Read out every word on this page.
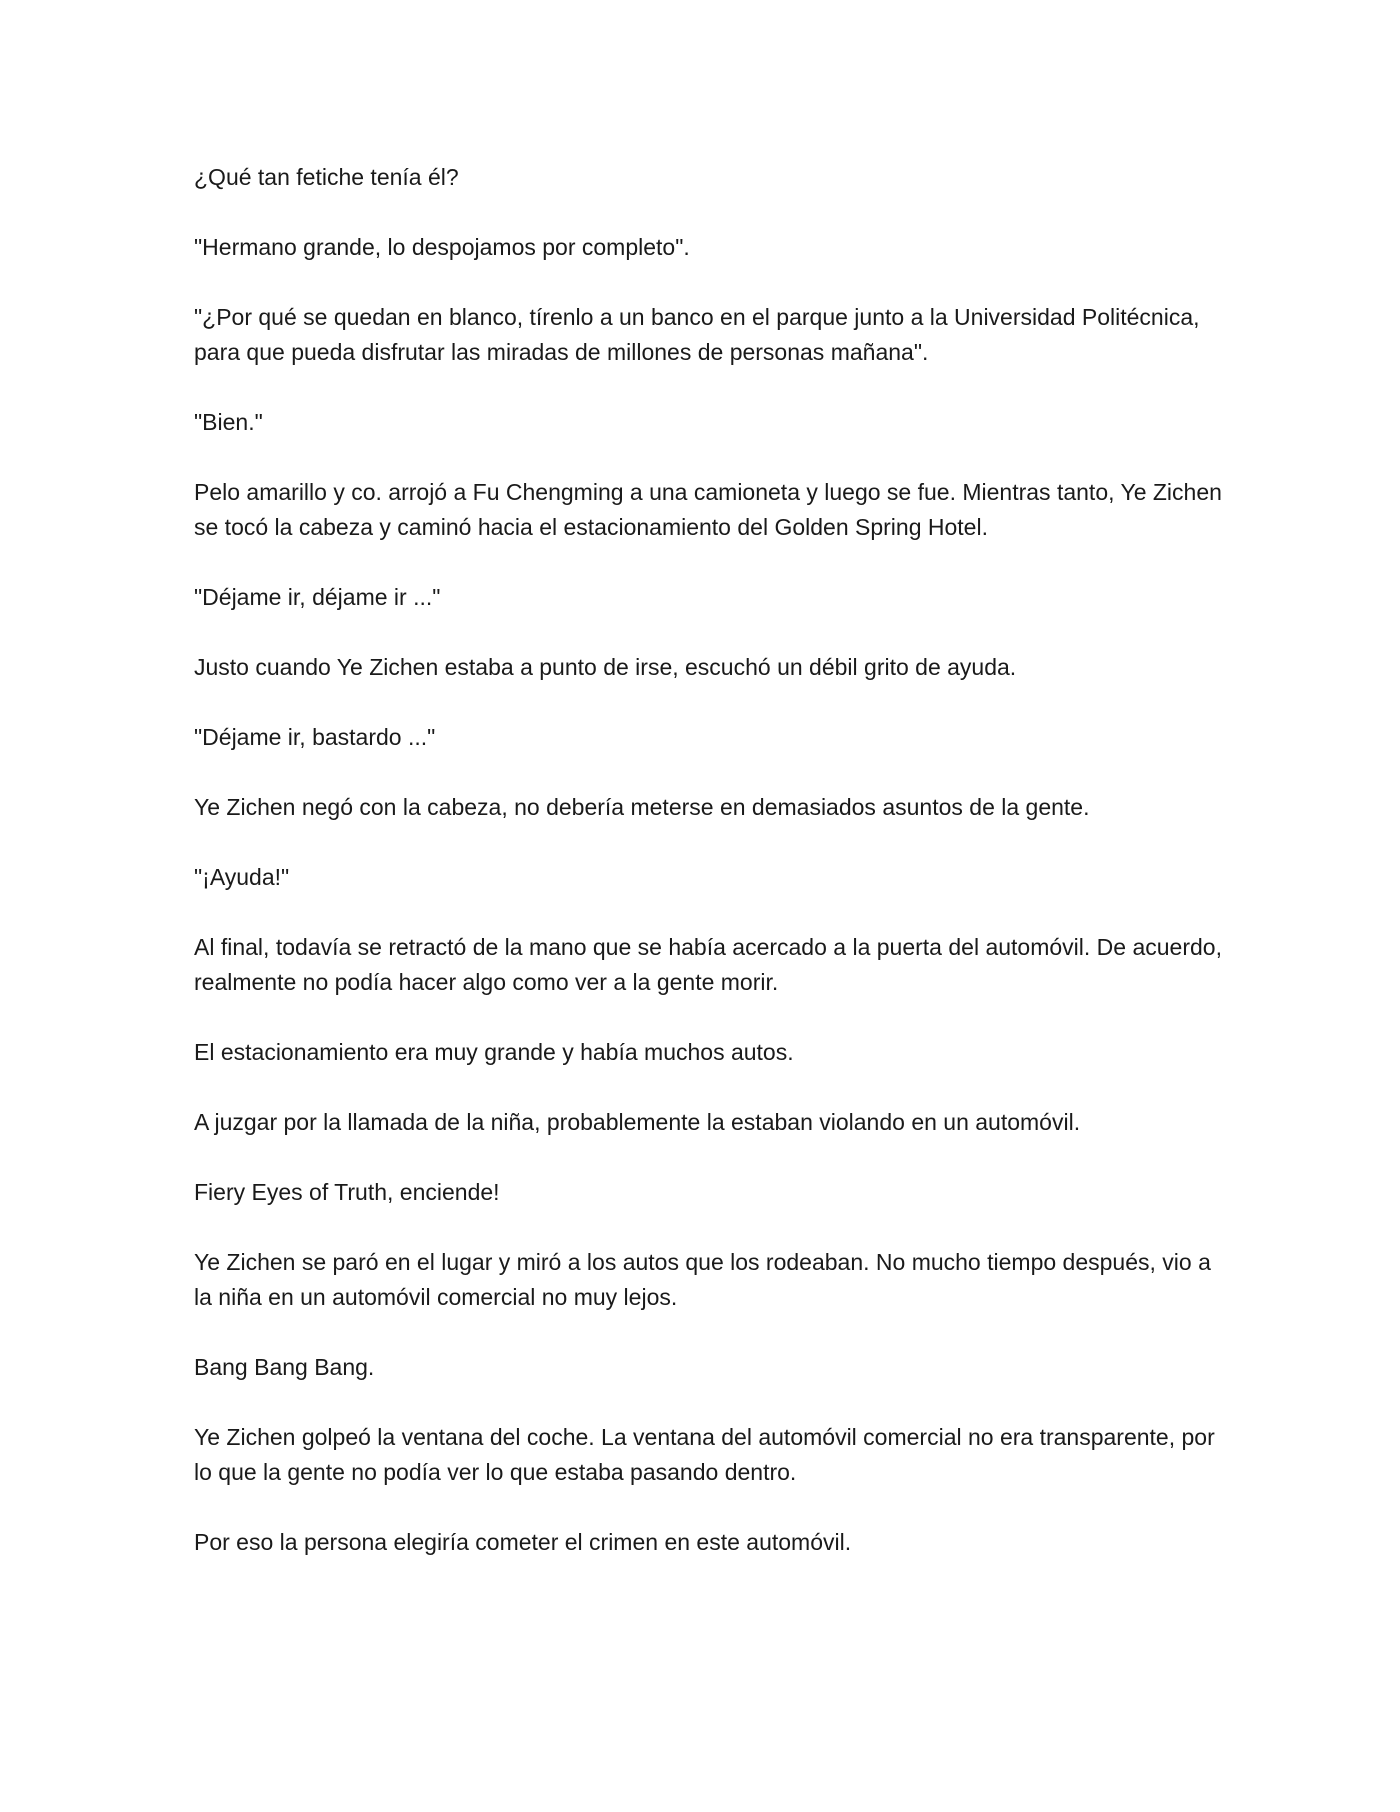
¿Qué tan fetiche tenía él?

"Hermano grande, lo despojamos por completo".

"¿Por qué se quedan en blanco, tírenlo a un banco en el parque junto a la Universidad Politécnica, para que pueda disfrutar las miradas de millones de personas mañana".

"Bien."

Pelo amarillo y co. arrojó a Fu Chengming a una camioneta y luego se fue. Mientras tanto, Ye Zichen se tocó la cabeza y caminó hacia el estacionamiento del Golden Spring Hotel.

"Déjame ir, déjame ir ..."

Justo cuando Ye Zichen estaba a punto de irse, escuchó un débil grito de ayuda.

"Déjame ir, bastardo ..."

Ye Zichen negó con la cabeza, no debería meterse en demasiados asuntos de la gente.

"¡Ayuda!"

Al final, todavía se retractó de la mano que se había acercado a la puerta del automóvil. De acuerdo, realmente no podía hacer algo como ver a la gente morir.

El estacionamiento era muy grande y había muchos autos.

A juzgar por la llamada de la niña, probablemente la estaban violando en un automóvil.

Fiery Eyes of Truth, enciende!

Ye Zichen se paró en el lugar y miró a los autos que los rodeaban. No mucho tiempo después, vio a la niña en un automóvil comercial no muy lejos.

Bang Bang Bang.

Ye Zichen golpeó la ventana del coche. La ventana del automóvil comercial no era transparente, por lo que la gente no podía ver lo que estaba pasando dentro.

Por eso la persona elegiría cometer el crimen en este automóvil.
